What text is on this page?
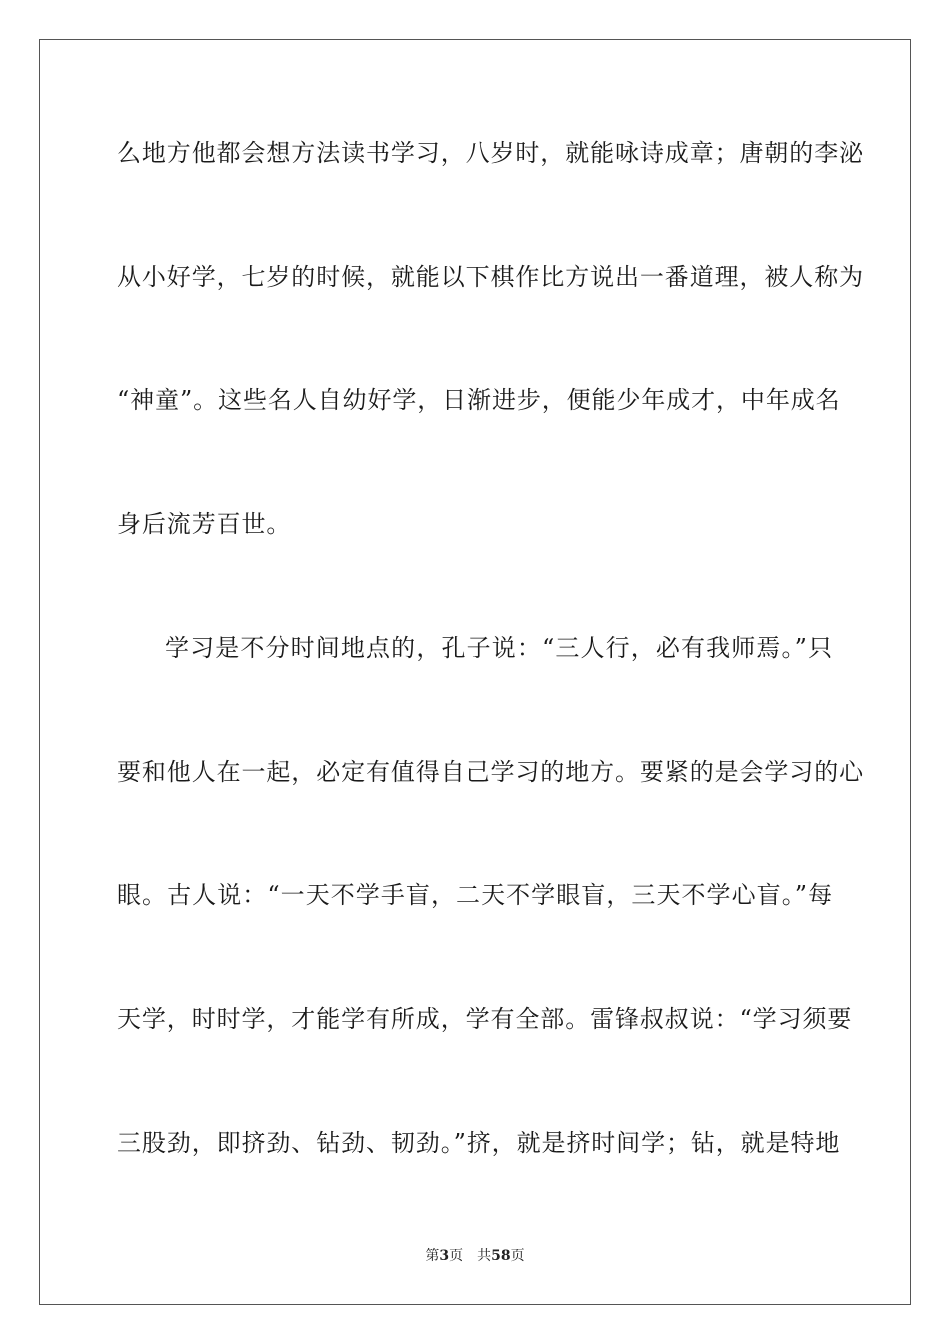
么地方他都会想方法读书学习，八岁时，就能咏诗成章；唐朝的李泌

从小好学，七岁的时候，就能以下棋作比方说出一番道理，被人称为

“神童”。这些名人自幼好学，日渐进步，便能少年成才，中年成名

身后流芳百世。

学习是不分时间地点的，孔子说：“三人行，必有我师焉。”只

要和他人在一起，必定有值得自己学习的地方。要紧的是会学习的心

眼。古人说：“一天不学手盲，二天不学眼盲，三天不学心盲。”每

天学，时时学，才能学有所成，学有全部。雷锋叔叔说：“学习须要

三股劲，即挤劲、钻劲、韧劲。”挤，就是挤时间学；钻，就是特地

第3页 共58页
